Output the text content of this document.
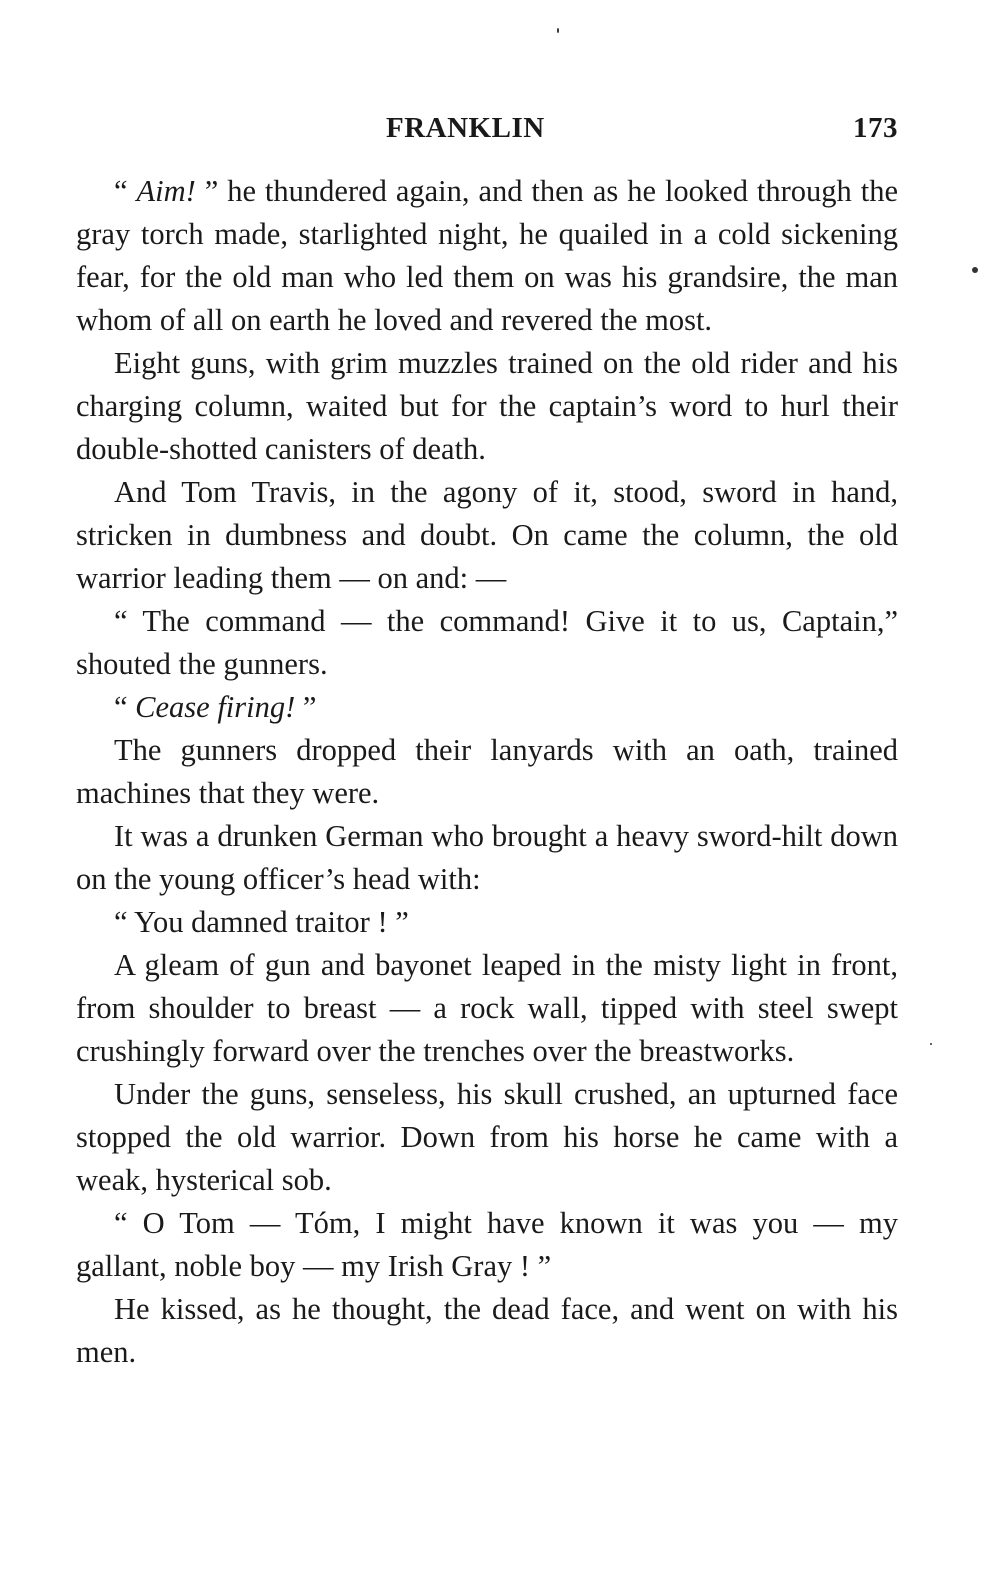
FRANKLIN	173

“ Aim! ” he thundered again, and then as he looked through the gray torch made, starlighted night, he quailed in a cold sickening fear, for the old man who led them on was his grandsire, the man whom of all on earth he loved and revered the most.

Eight guns, with grim muzzles trained on the old rider and his charging column, waited but for the captain’s word to hurl their double-shotted canisters of death.

And Tom Travis, in the agony of it, stood, sword in hand, stricken in dumbness and doubt. On came the column, the old warrior leading them — on and: —

“ The command — the command! Give it to us, Captain,” shouted the gunners.

“ Cease firing! ”

The gunners dropped their lanyards with an oath, trained machines that they were.

It was a drunken German who brought a heavy sword-hilt down on the young officer’s head with:

“ You damned traitor ! ”

A gleam of gun and bayonet leaped in the misty light in front, from shoulder to breast — a rock wall, tipped with steel swept crushingly forward over the trenches over the breastworks.

Under the guns, senseless, his skull crushed, an upturned face stopped the old warrior. Down from his horse he came with a weak, hysterical sob.

“ O Tom — Tóm, I might have known it was you — my gallant, noble boy — my Irish Gray ! ”

He kissed, as he thought, the dead face, and went on with his men.
